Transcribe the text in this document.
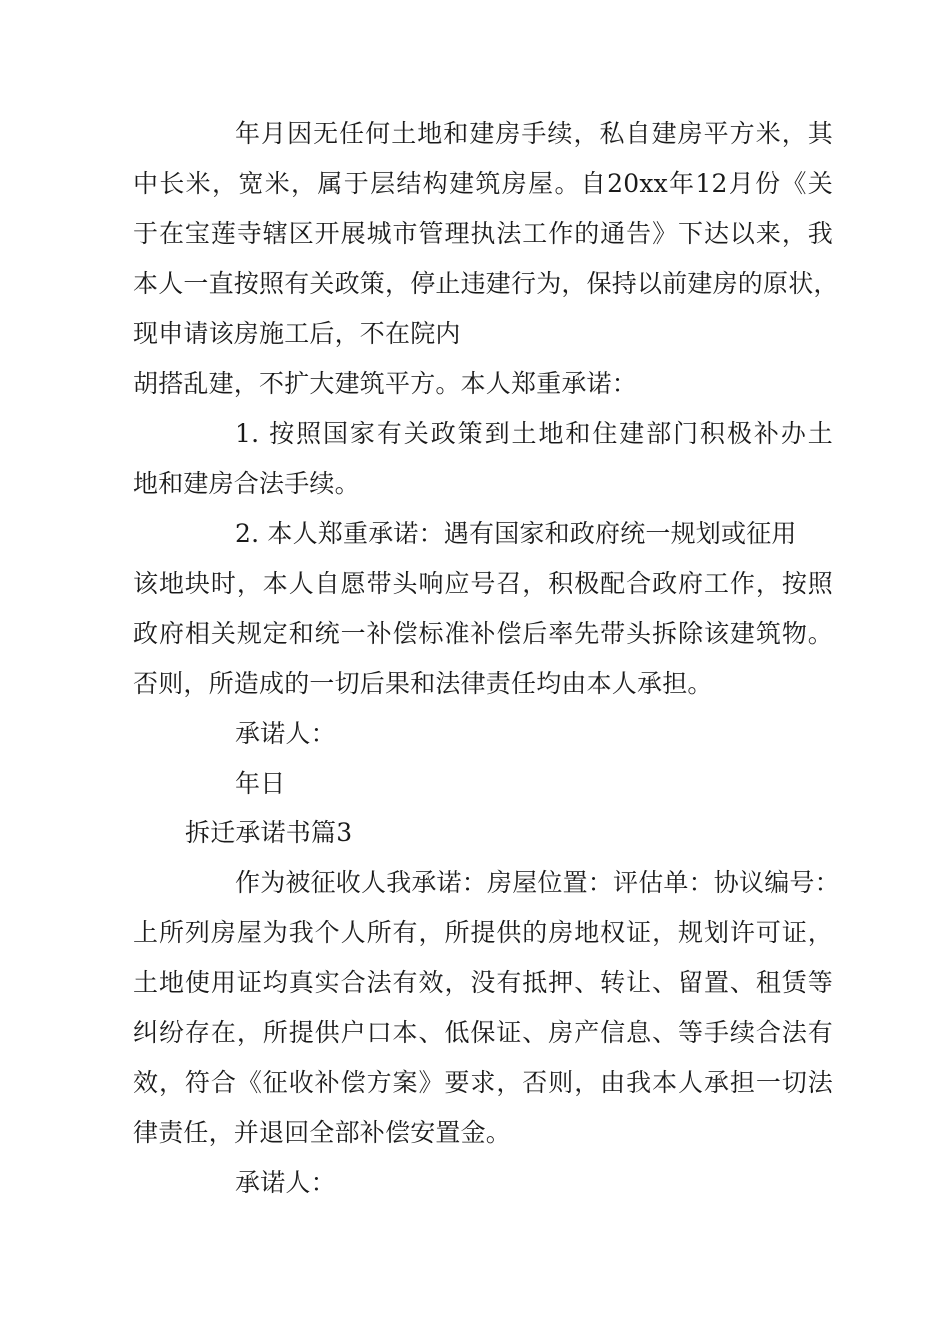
年月因无任何土地和建房手续，私自建房平方米，其
中长米，宽米，属于层结构建筑房屋。自20xx年12月份《关
于在宝莲寺辖区开展城市管理执法工作的通告》下达以来，我
本人一直按照有关政策，停止违建行为，保持以前建房的原状，
现申请该房施工后，不在院内
胡搭乱建，不扩大建筑平方。本人郑重承诺：
1. 按照国家有关政策到土地和住建部门积极补办土
地和建房合法手续。
2. 本人郑重承诺：遇有国家和政府统一规划或征用
该地块时，本人自愿带头响应号召，积极配合政府工作，按照
政府相关规定和统一补偿标准补偿后率先带头拆除该建筑物。
否则，所造成的一切后果和法律责任均由本人承担。
承诺人：
年日
拆迁承诺书篇3
作为被征收人我承诺：房屋位置：评估单：协议编号：
上所列房屋为我个人所有，所提供的房地权证，规划许可证，
土地使用证均真实合法有效，没有抵押、转让、留置、租赁等
纠纷存在，所提供户口本、低保证、房产信息、等手续合法有
效，符合《征收补偿方案》要求，否则，由我本人承担一切法
律责任，并退回全部补偿安置金。
承诺人：
